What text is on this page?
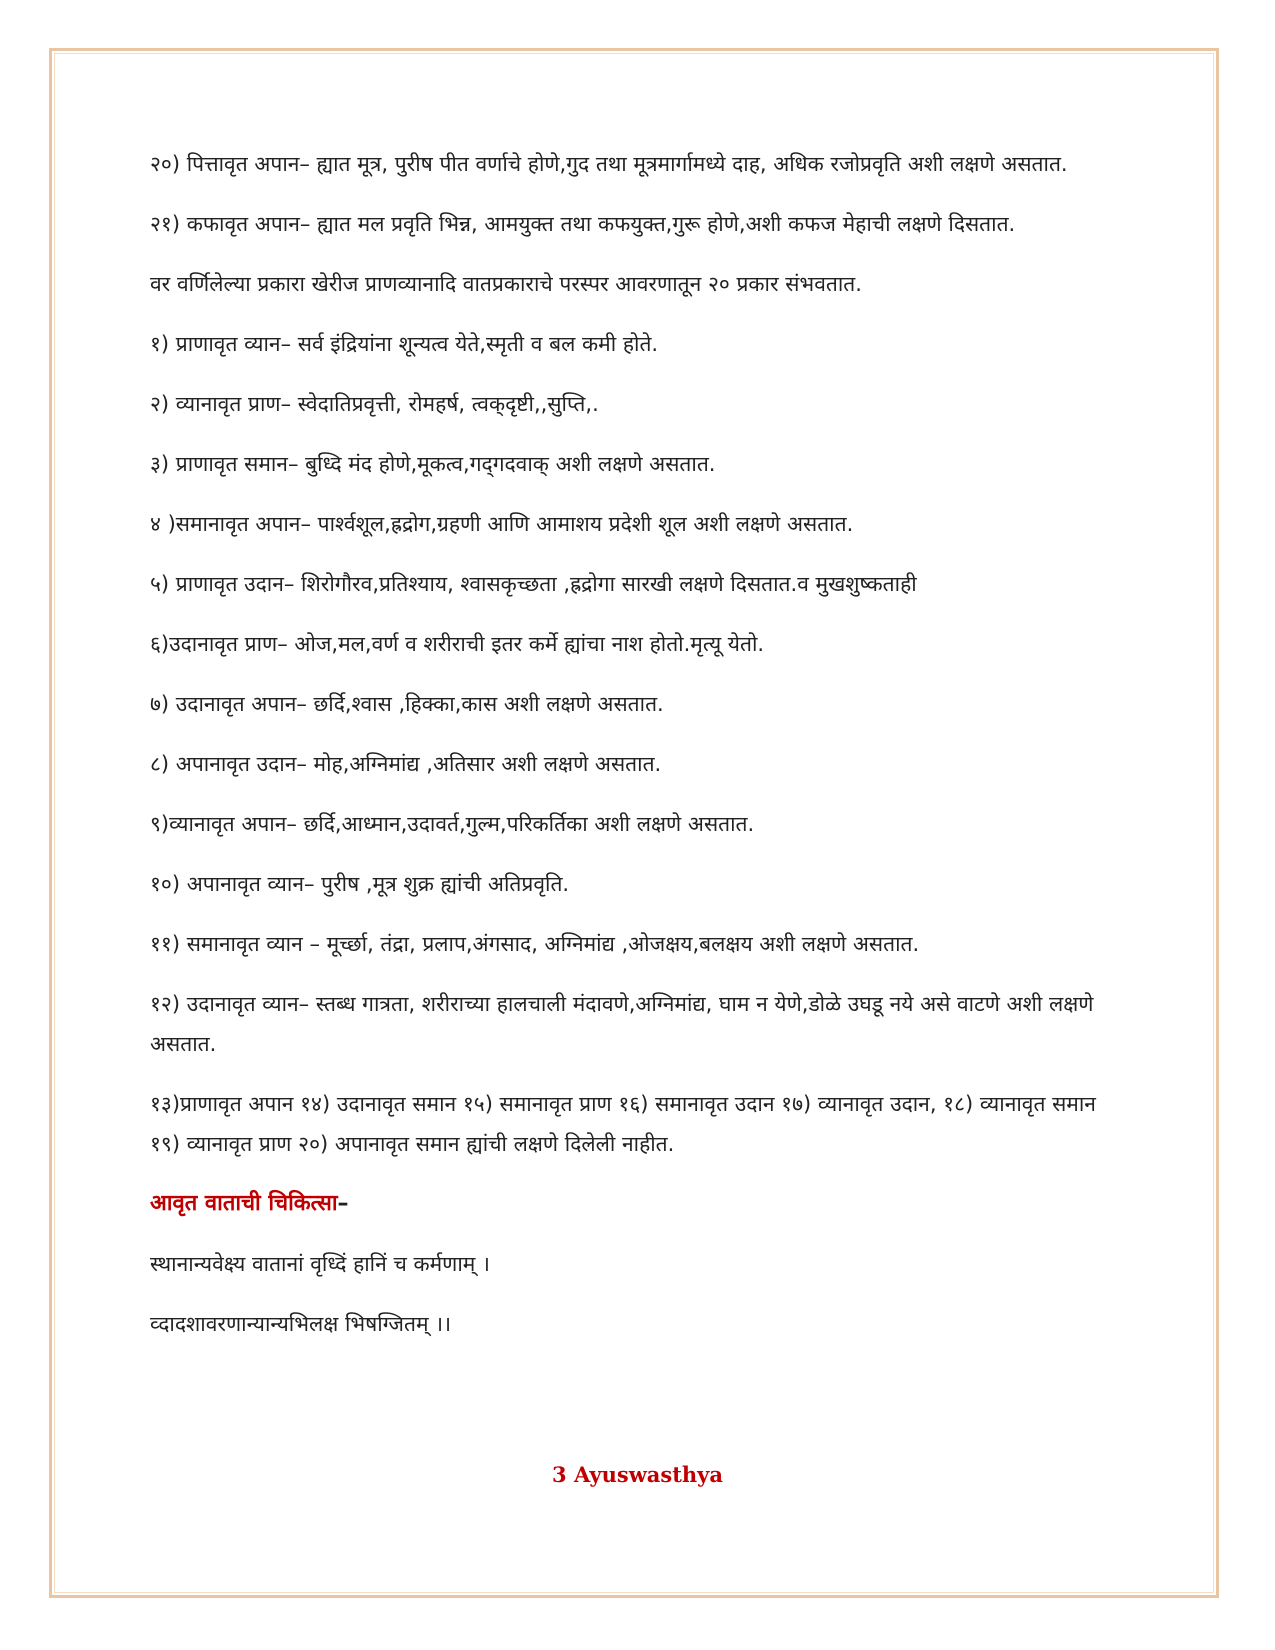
२०) पित्तावृत अपान– ह्यात मूत्र, पुरीष पीत वर्णाचे होणे,गुद तथा मूत्रमार्गामध्ये दाह, अधिक रजोप्रवृति अशी लक्षणे असतात.

२१) कफावृत अपान– ह्यात मल प्रवृति भिन्न, आमयुक्त तथा कफयुक्त,गुरू होणे,अशी कफज मेहाची लक्षणे दिसतात.

वर वर्णिलेल्या प्रकारा खेरीज प्राणव्यानादि वातप्रकाराचे परस्पर आवरणातून २० प्रकार संभवतात.

१) प्राणावृत व्यान– सर्व इंद्रियांना शून्यत्व येते,स्मृती व बल कमी होते.

२) व्यानावृत प्राण– स्वेदातिप्रवृत्ती, रोमहर्ष, त्वक्‌दृष्टी,,सुप्ति,.

३) प्राणावृत समान– बुध्दि मंद होणे,मूकत्व,गद्‌गदवाक्‌ अशी लक्षणे असतात.

४ )समानावृत अपान– पार्श्वशूल,ह्रद्रोग,ग्रहणी आणि आमाशय प्रदेशी शूल अशी लक्षणे असतात.

५) प्राणावृत उदान– शिरोगौरव,प्रतिश्याय, श्वासकृच्छता ,ह्रद्रोगा सारखी लक्षणे दिसतात.व मुखशुष्कताही

६)उदानावृत प्राण– ओज,मल,वर्ण व शरीराची इतर कर्मे ह्यांचा नाश होतो.मृत्यू येतो.

७) उदानावृत अपान– छर्दि,श्वास ,हिक्का,कास अशी लक्षणे असतात.

८) अपानावृत उदान– मोह,अग्निमांद्य ,अतिसार अशी लक्षणे असतात.

९)व्यानावृत अपान– छर्दि,आध्मान,उदावर्त,गुल्म,परिकर्तिका अशी लक्षणे असतात.

१०) अपानावृत व्यान– पुरीष ,मूत्र शुक्र ह्यांची अतिप्रवृति.

११) समानावृत व्यान – मूर्च्छा, तंद्रा, प्रलाप,अंगसाद, अग्निमांद्य ,ओजक्षय,बलक्षय अशी लक्षणे असतात.

१२) उदानावृत व्यान– स्तब्ध गात्रता, शरीराच्या हालचाली मंदावणे,अग्निमांद्य, घाम न येणे,डोळे उघडू नये असे वाटणे अशी लक्षणे असतात.

१३)प्राणावृत अपान १४) उदानावृत समान १५) समानावृत प्राण १६) समानावृत उदान १७) व्यानावृत उदान, १८) व्यानावृत समान १९) व्यानावृत प्राण २०) अपानावृत समान ह्यांची लक्षणे दिलेली नाहीत.

आवृत वाताची चिकित्सा–

स्थानान्यवेक्ष्य वातानां वृध्दिं हानिं च कर्मणाम् ।

व्दादशावरणान्यान्यभिलक्ष भिषग्जितम् ।।

3 Ayuswasthya
